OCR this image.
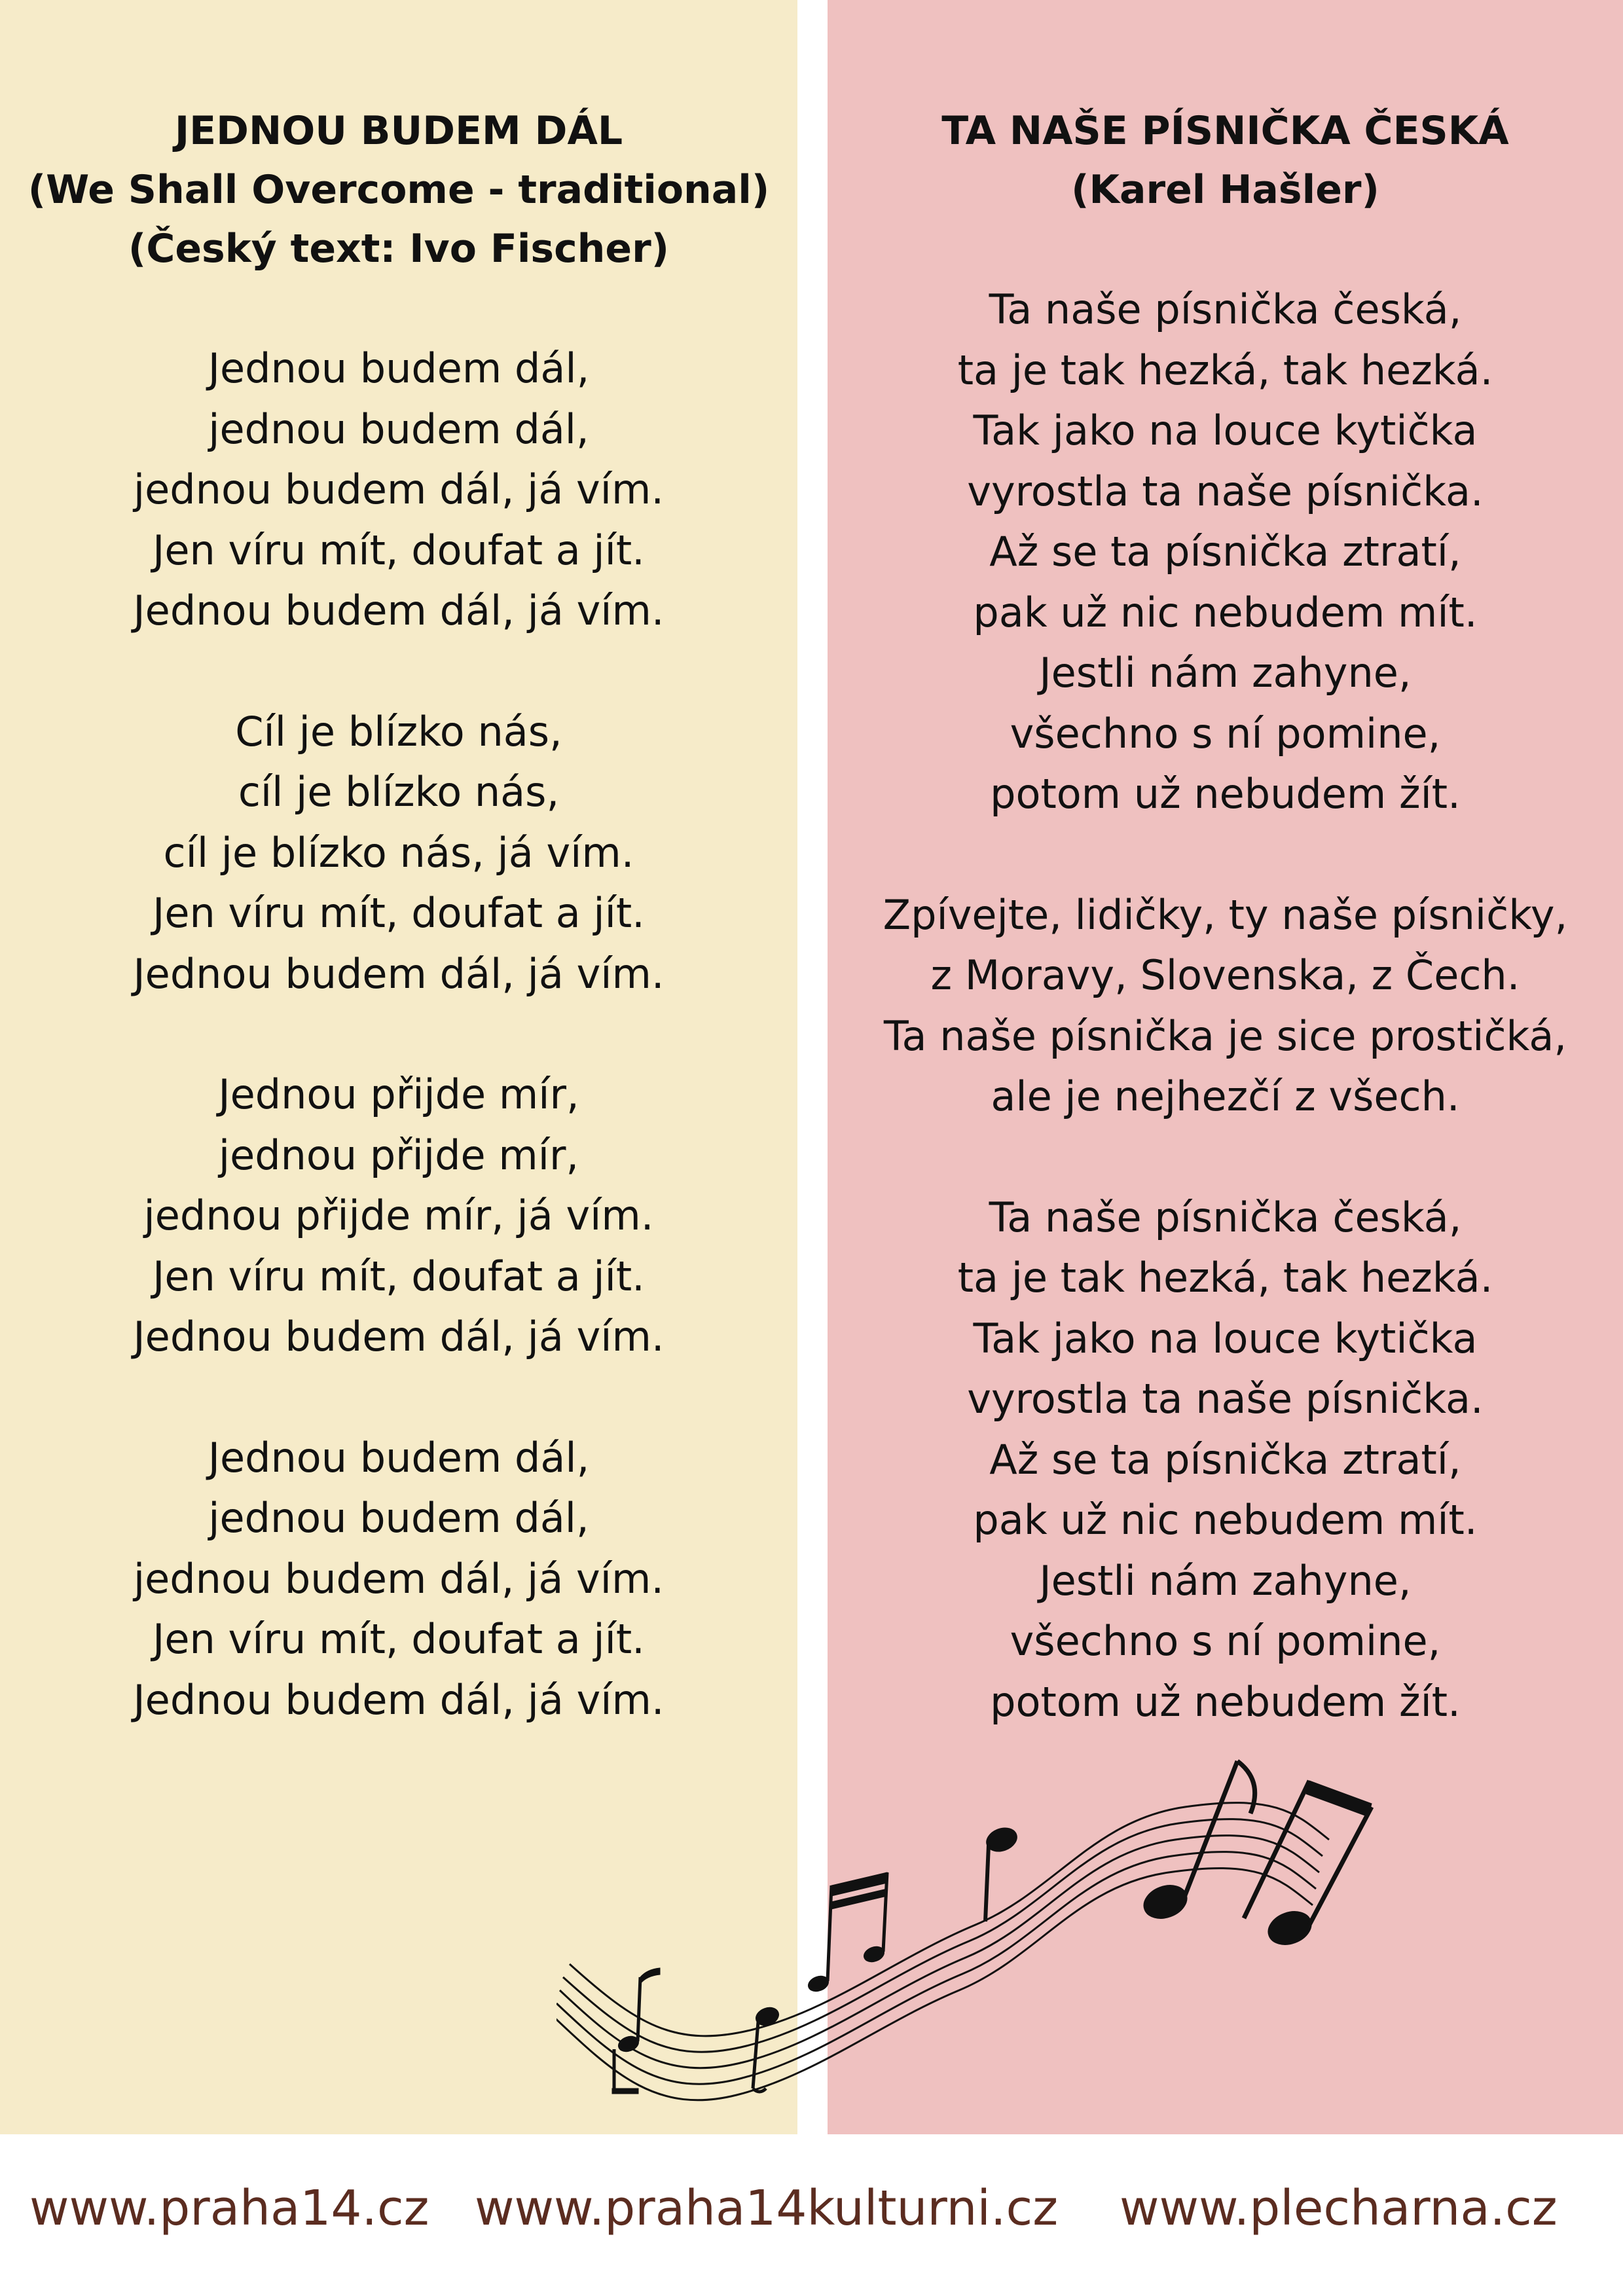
JEDNOU BUDEM DÁL

(We Shall Overcome - traditional)

(Český text: Ivo Fischer)

Jednou budem dál,
jednou budem dál,
jednou budem dál, já vím.
Jen víru mít, doufat a jít.
Jednou budem dál, já vím.

Cíl je blízko nás,
cíl je blízko nás,
cíl je blízko nás, já vím.
Jen víru mít, doufat a jít.
Jednou budem dál, já vím.

Jednou přijde mír,
jednou přijde mír,
jednou přijde mír, já vím.
Jen víru mít, doufat a jít.
Jednou budem dál, já vím.

Jednou budem dál,
jednou budem dál,
jednou budem dál, já vím.
Jen víru mít, doufat a jít.
Jednou budem dál, já vím.

TA NAŠE PÍSNIČKA ČESKÁ

(Karel Hašler)

Ta naše písnička česká,
ta je tak hezká, tak hezká.
Tak jako na louce kytička
vyrostla ta naše písnička.
Až se ta písnička ztratí,
pak už nic nebudem mít.
Jestli nám zahyne,
všechno s ní pomine,
potom už nebudem žít.

Zpívejte, lidičky, ty naše písničky,
z Moravy, Slovenska, z Čech.
Ta naše písnička je sice prostičká,
ale je nejhezčí z všech.

Ta naše písnička česká,
ta je tak hezká, tak hezká.
Tak jako na louce kytička
vyrostla ta naše písnička.
Až se ta písnička ztratí,
pak už nic nebudem mít.
Jestli nám zahyne,
všechno s ní pomine,
potom už nebudem žít.

www.praha14.cz www.praha14kulturni.cz www.plecharna.cz
